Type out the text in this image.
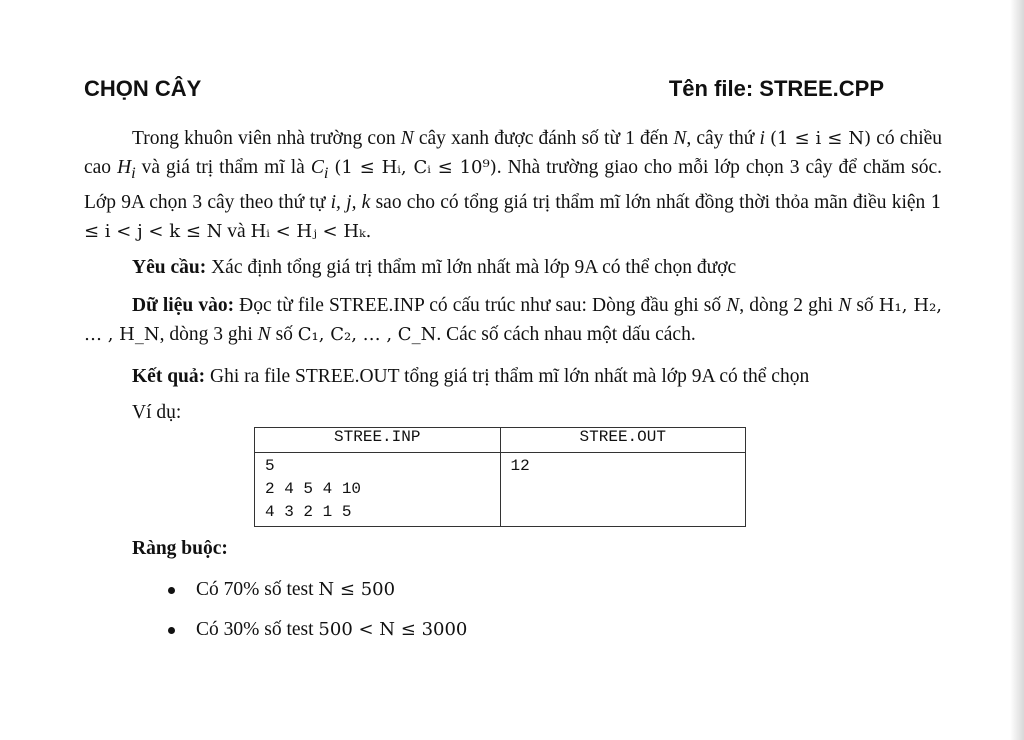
CHỌN CÂY	Tên file: STREE.CPP
Trong khuôn viên nhà trường con N cây xanh được đánh số từ 1 đến N, cây thứ i (1 ≤ i ≤ N) có chiều cao $H_i$ và giá trị thẩm mĩ là $C_i$ (1 ≤ Hᵢ, Cᵢ ≤ 10⁹). Nhà trường giao cho mỗi lớp chọn 3 cây để chăm sóc. Lớp 9A chọn 3 cây theo thứ tự i, j, k sao cho có tổng giá trị thẩm mĩ lớn nhất đồng thời thỏa mãn điều kiện 1 ≤ i < j < k ≤ N và Hᵢ < Hⱼ < Hₖ.
Yêu cầu: Xác định tổng giá trị thẩm mĩ lớn nhất mà lớp 9A có thể chọn được
Dữ liệu vào: Đọc từ file STREE.INP có cấu trúc như sau: Dòng đầu ghi số N, dòng 2 ghi N số H₁, H₂, … , H_N, dòng 3 ghi N số C₁, C₂, … , C_N. Các số cách nhau một dấu cách.
Kết quả: Ghi ra file STREE.OUT tổng giá trị thẩm mĩ lớn nhất mà lớp 9A có thể chọn
Ví dụ:
STREE.INP	STREE.OUT

5
2 4 5 4 10
4 3 2 1 5	12
Ràng buộc:
Có 70% số test N ≤ 500
Có 30% số test 500 < N ≤ 3000
